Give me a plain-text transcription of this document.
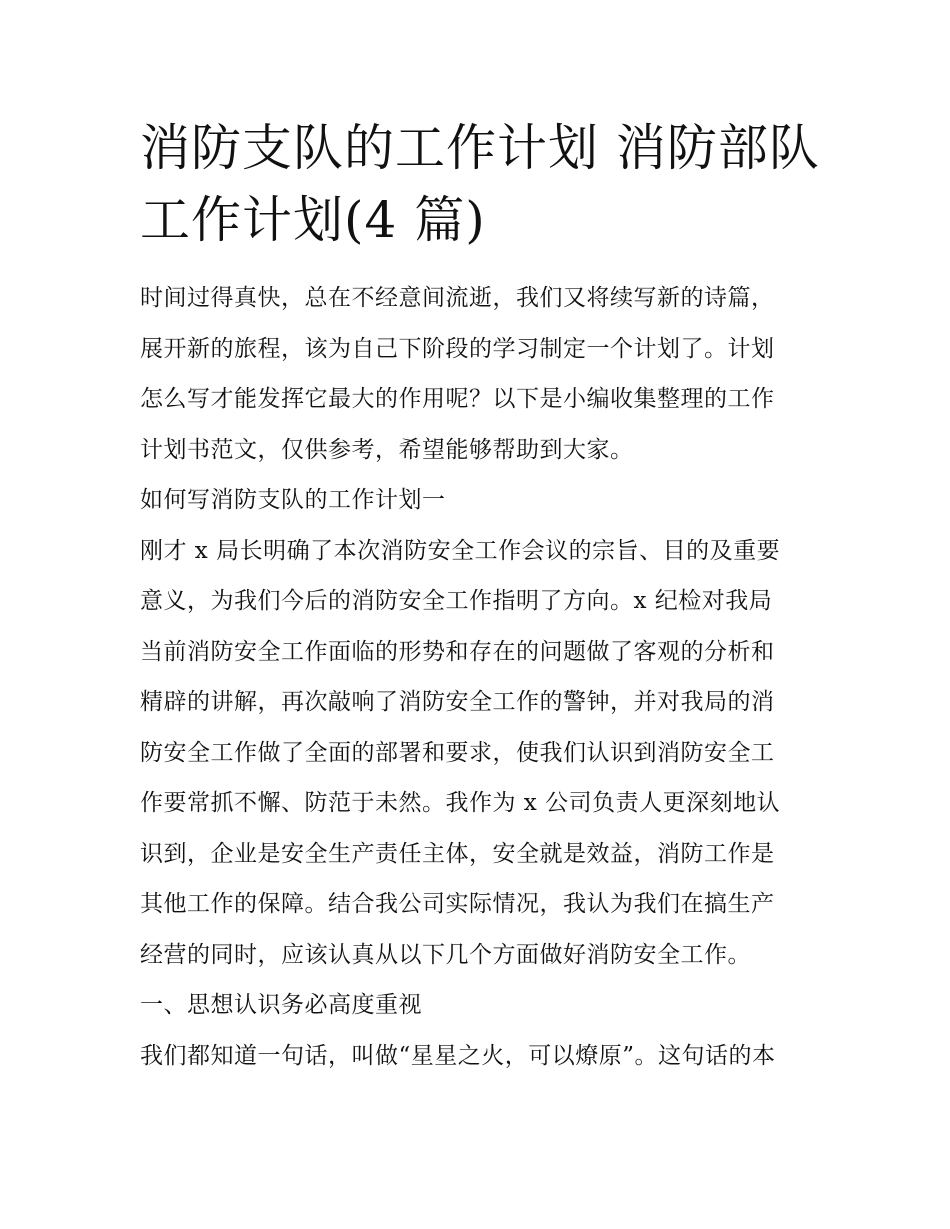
消防支队的工作计划 消防部队
工作计划(4 篇)
时间过得真快，总在不经意间流逝，我们又将续写新的诗篇，
展开新的旅程，该为自己下阶段的学习制定一个计划了。计划
怎么写才能发挥它最大的作用呢？以下是小编收集整理的工作
计划书范文，仅供参考，希望能够帮助到大家。
如何写消防支队的工作计划一
刚才 x 局长明确了本次消防安全工作会议的宗旨、目的及重要
意义，为我们今后的消防安全工作指明了方向。x 纪检对我局
当前消防安全工作面临的形势和存在的问题做了客观的分析和
精辟的讲解，再次敲响了消防安全工作的警钟，并对我局的消
防安全工作做了全面的部署和要求，使我们认识到消防安全工
作要常抓不懈、防范于未然。我作为 x 公司负责人更深刻地认
识到，企业是安全生产责任主体，安全就是效益，消防工作是
其他工作的保障。结合我公司实际情况，我认为我们在搞生产
经营的同时，应该认真从以下几个方面做好消防安全工作。
一、思想认识务必高度重视
我们都知道一句话，叫做“星星之火，可以燎原”。这句话的本
